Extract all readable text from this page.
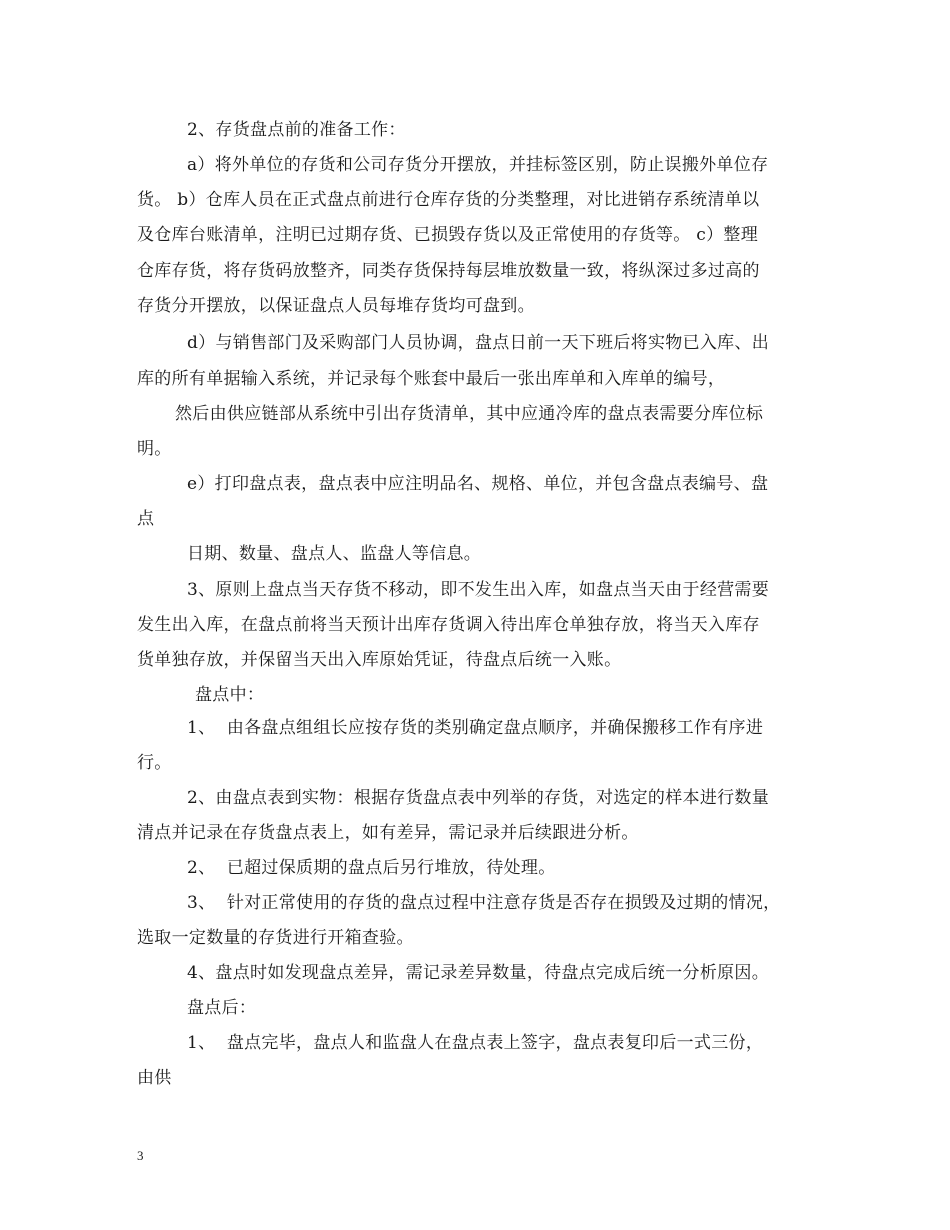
2、存货盘点前的准备工作：
a）将外单位的存货和公司存货分开摆放，并挂标签区别，防止误搬外单位存
货。 b）仓库人员在正式盘点前进行仓库存货的分类整理，对比进销存系统清单以
及仓库台账清单，注明已过期存货、已损毁存货以及正常使用的存货等。 c）整理
仓库存货，将存货码放整齐，同类存货保持每层堆放数量一致，将纵深过多过高的
存货分开摆放，以保证盘点人员每堆存货均可盘到。
d）与销售部门及采购部门人员协调，盘点日前一天下班后将实物已入库、出
库的所有单据输入系统，并记录每个账套中最后一张出库单和入库单的编号，
然后由供应链部从系统中引出存货清单，其中应通冷库的盘点表需要分库位标
明。
e）打印盘点表，盘点表中应注明品名、规格、单位，并包含盘点表编号、盘
点
日期、数量、盘点人、监盘人等信息。
3、原则上盘点当天存货不移动，即不发生出入库，如盘点当天由于经营需要
发生出入库，在盘点前将当天预计出库存货调入待出库仓单独存放，将当天入库存
货单独存放，并保留当天出入库原始凭证，待盘点后统一入账。
盘点中：
1、  由各盘点组组长应按存货的类别确定盘点顺序，并确保搬移工作有序进
行。
2、由盘点表到实物：根据存货盘点表中列举的存货，对选定的样本进行数量
清点并记录在存货盘点表上，如有差异，需记录并后续跟进分析。
2、  已超过保质期的盘点后另行堆放，待处理。
3、  针对正常使用的存货的盘点过程中注意存货是否存在损毁及过期的情况，
选取一定数量的存货进行开箱查验。
4、盘点时如发现盘点差异，需记录差异数量，待盘点完成后统一分析原因。
盘点后：
1、  盘点完毕，盘点人和监盘人在盘点表上签字，盘点表复印后一式三份，
由供
3
